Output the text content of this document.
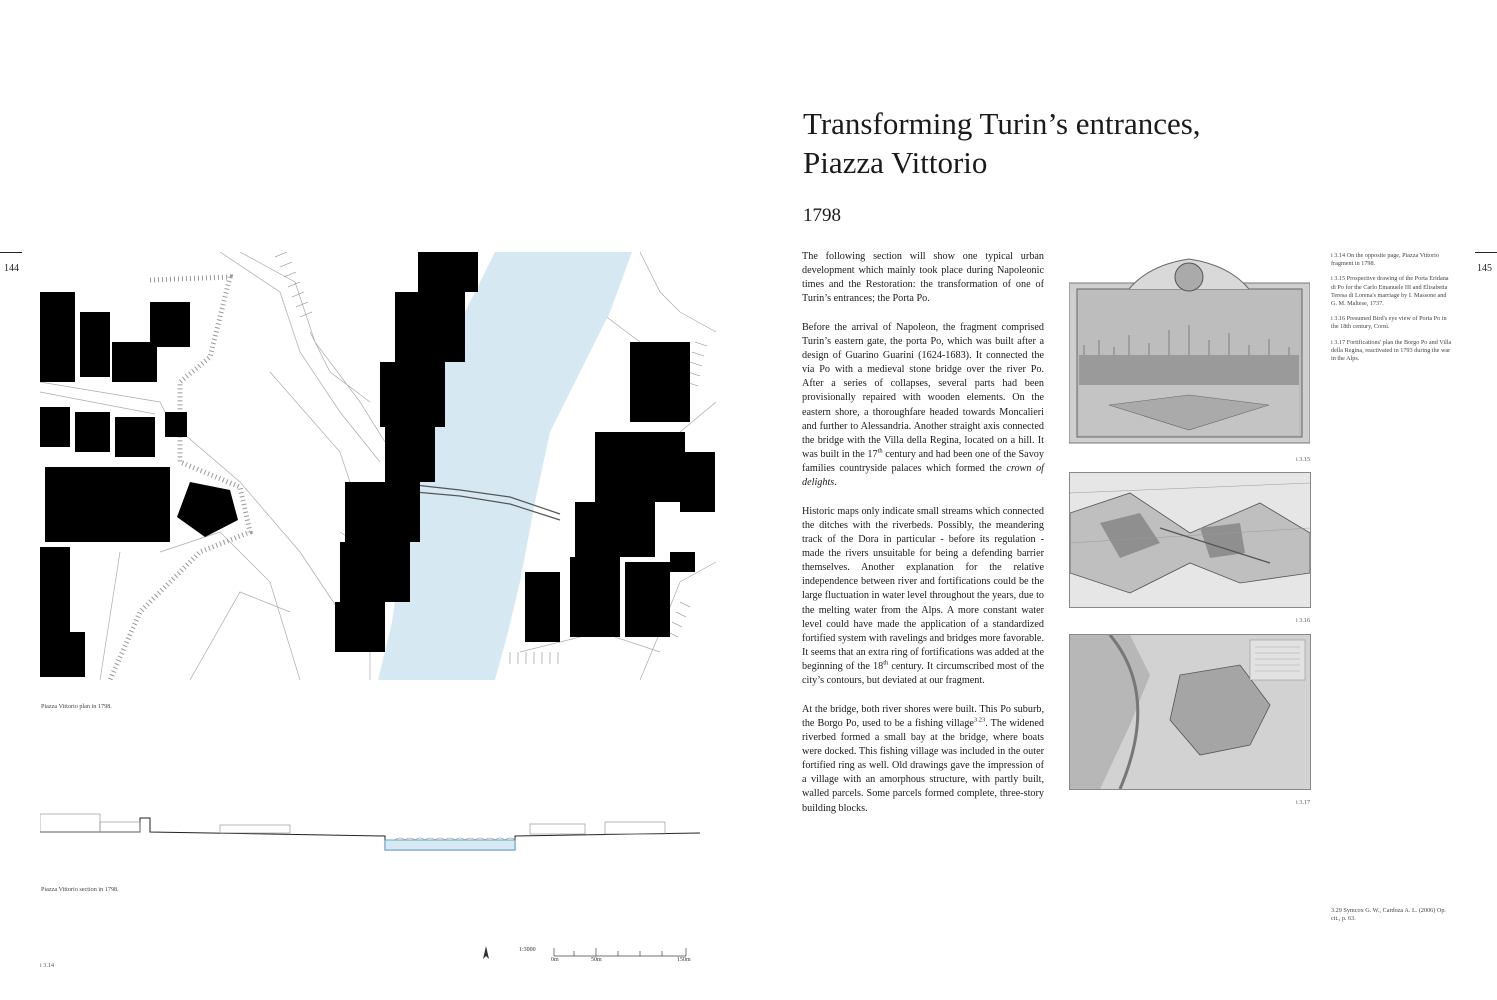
144	145
Piazza Vittorio plan in 1798.
Piazza Vittorio section in 1798.
1:3000
0m	50m	150m
i 3.14
Transforming Turin’s entrances,
Piazza Vittorio
1798

The following section will show one typical urban development which mainly took place during Napoleonic times and the Restoration: the transformation of one of Turin’s entrances; the Porta Po.

Before the arrival of Napoleon, the fragment comprised Turin’s eastern gate, the porta Po, which was built after a design of Guarino Guarini (1624-1683). It connected the via Po with a medieval stone bridge over the river Po. After a series of collapses, several parts had been provisionally repaired with wooden elements. On the eastern shore, a thoroughfare headed towards Moncalieri and further to Alessandria. Another straight axis connected the bridge with the Villa della Regina, located on a hill. It was built in the 17th century and had been one of the Savoy families countryside palaces which formed the crown of delights.

Historic maps only indicate small streams which connected the ditches with the riverbeds. Possibly, the meandering track of the Dora in particular - before its regulation - made the rivers unsuitable for being a defending barrier themselves. Another explanation for the relative independence between river and fortifications could be the large fluctuation in water level throughout the years, due to the melting water from the Alps. A more constant water level could have made the application of a standardized fortified system with ravelings and bridges more favorable. It seems that an extra ring of fortifications was added at the beginning of the 18th century. It circumscribed most of the city’s contours, but deviated at our fragment.

At the bridge, both river shores were built. This Po suburb, the Borgo Po, used to be a fishing village$^{3.23}$. The widened riverbed formed a small bay at the bridge, where boats were docked. This fishing village was included in the outer fortified ring as well. Old drawings gave the impression of a village with an amorphous structure, with partly built, walled parcels. Some parcels formed complete, three-story building blocks.

i 3.15
i 3.16
i 3.17

i 3.14 On the opposite page, Piazza Vittorio fragment in 1798.

i 3.15 Prospective drawing of the Porta Eridana di Po for the Carlo Emanuele III and Elisabetta Teresa di Lorena's marriage by I. Massone and G. M. Maltese, 1737.

i 3.16 Presumed Bird's eye view of Porta Po in the 18th century, Cornì.

i 3.17 Fortifications' plan the Borgo Po and Villa della Regina, reactivated in 1793 during the war in the Alps.

3.29 Symcox G. W., Cardoza A. L. (2006) Op. cit., p. 63.
